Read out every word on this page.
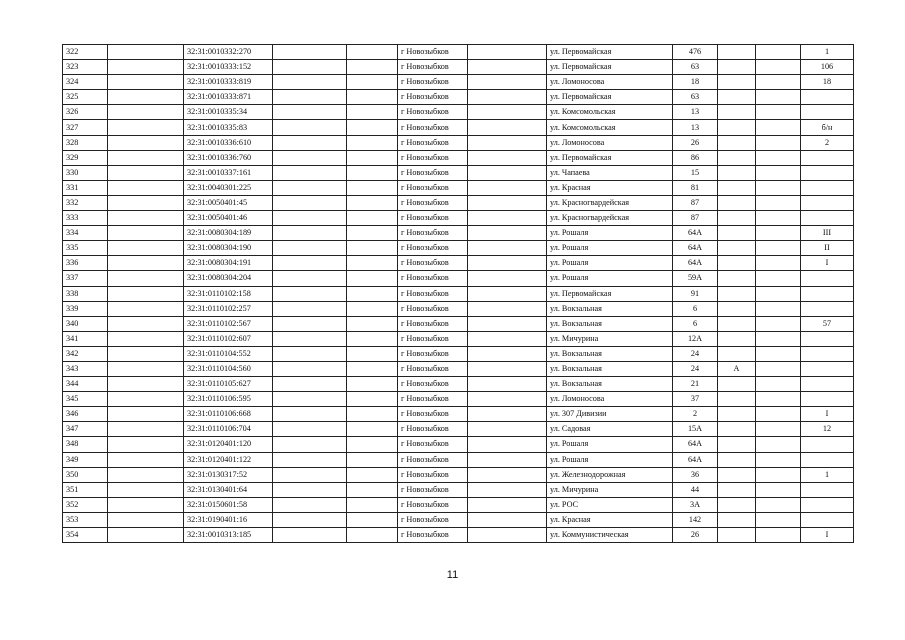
322		32:31:0010332:270			г Новозыбков		ул. Первомайская	476			1
323		32:31:0010333:152			г Новозыбков		ул. Первомайская	63			106
324		32:31:0010333:819			г Новозыбков		ул. Ломоносова	18			18
325		32:31:0010333:871			г Новозыбков		ул. Первомайская	63			
326		32:31:0010335:34			г Новозыбков		ул. Комсомольская	13			
327		32:31:0010335:83			г Новозыбков		ул. Комсомольская	13			б/н
328		32:31:0010336:610			г Новозыбков		ул. Ломоносова	26			2
329		32:31:0010336:760			г Новозыбков		ул. Первомайская	86			
330		32:31:0010337:161			г Новозыбков		ул. Чапаева	15			
331		32:31:0040301:225			г Новозыбков		ул. Красная	81			
332		32:31:0050401:45			г Новозыбков		ул. Красногвардейская	87			
333		32:31:0050401:46			г Новозыбков		ул. Красногвардейская	87			
334		32:31:0080304:189			г Новозыбков		ул. Рошаля	64А			III
335		32:31:0080304:190			г Новозыбков		ул. Рошаля	64А			II
336		32:31:0080304:191			г Новозыбков		ул. Рошаля	64А			I
337		32:31:0080304:204			г Новозыбков		ул. Рошаля	59А			
338		32:31:0110102:158			г Новозыбков		ул. Первомайская	91			
339		32:31:0110102:257			г Новозыбков		ул. Вокзальная	6			
340		32:31:0110102:567			г Новозыбков		ул. Вокзальная	6			57
341		32:31:0110102:607			г Новозыбков		ул. Мичурина	12А			
342		32:31:0110104:552			г Новозыбков		ул. Вокзальная	24			
343		32:31:0110104:560			г Новозыбков		ул. Вокзальная	24	А		
344		32:31:0110105:627			г Новозыбков		ул. Вокзальная	21			
345		32:31:0110106:595			г Новозыбков		ул. Ломоносова	37			
346		32:31:0110106:668			г Новозыбков		ул. 307 Дивизии	2			I
347		32:31:0110106:704			г Новозыбков		ул. Садовая	15А			12
348		32:31:0120401:120			г Новозыбков		ул. Рошаля	64А			
349		32:31:0120401:122			г Новозыбков		ул. Рошаля	64А			
350		32:31:0130317:52			г Новозыбков		ул. Железнодорожная	36			1
351		32:31:0130401:64			г Новозыбков		ул. Мичурина	44			
352		32:31:0150601:58			г Новозыбков		ул. РОС	3А			
353		32:31:0190401:16			г Новозыбков		ул. Красная	142			
354		32:31:0010313:185			г Новозыбков		ул. Коммунистическая	26			I
11
